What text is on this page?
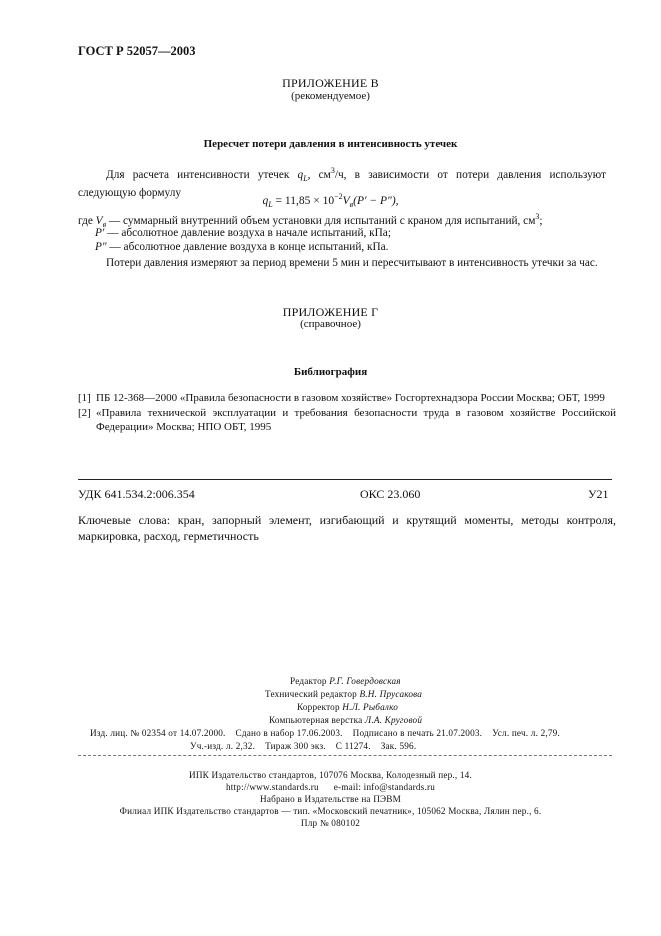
ГОСТ Р 52057—2003
ПРИЛОЖЕНИЕ В
(рекомендуемое)
Пересчет потери давления в интенсивность утечек
Для расчета интенсивности утечек $q_L$, $см^3/ч$, в зависимости от потери давления используют следующую формулу
$q_L = 11,85 \times 10^{-2}V_в(P' - P'')$,
где $V_в$ — суммарный внутренний объем установки для испытаний с краном для испытаний, $см^3$;
P′ — абсолютное давление воздуха в начале испытаний, кПа;
P″ — абсолютное давление воздуха в конце испытаний, кПа.
Потери давления измеряют за период времени 5 мин и пересчитывают в интенсивность утечки за час.
ПРИЛОЖЕНИЕ Г
(справочное)
Библиография
[1] ПБ 12-368—2000 «Правила безопасности в газовом хозяйстве» Госгортехнадзора России Москва; ОБТ, 1999
[2] «Правила технической эксплуатации и требования безопасности труда в газовом хозяйстве Российской Федерации» Москва; НПО ОБТ, 1995
УДК 641.534.2:006.354	ОКС 23.060	У21
Ключевые слова: кран, запорный элемент, изгибающий и крутящий моменты, методы контроля, маркировка, расход, герметичность
Редактор Р.Г. Говердовская
Технический редактор В.Н. Прусакова
Корректор Н.Л. Рыбалко
Компьютерная верстка Л.А. Круговой
Изд. лиц. № 02354 от 14.07.2000.    Сдано в набор 17.06.2003.    Подписано в печать 21.07.2003.    Усл. печ. л. 2,79.
Уч.-изд. л. 2,32.    Тираж 300 экз.    С 11274.    Зак. 596.
ИПК Издательство стандартов, 107076 Москва, Колодезный пер., 14.
http://www.standards.ru      e-mail: info@standards.ru
Набрано в Издательстве на ПЭВМ
Филиал ИПК Издательство стандартов — тип. «Московский печатник», 105062 Москва, Лялин пер., 6.
Плр № 080102
